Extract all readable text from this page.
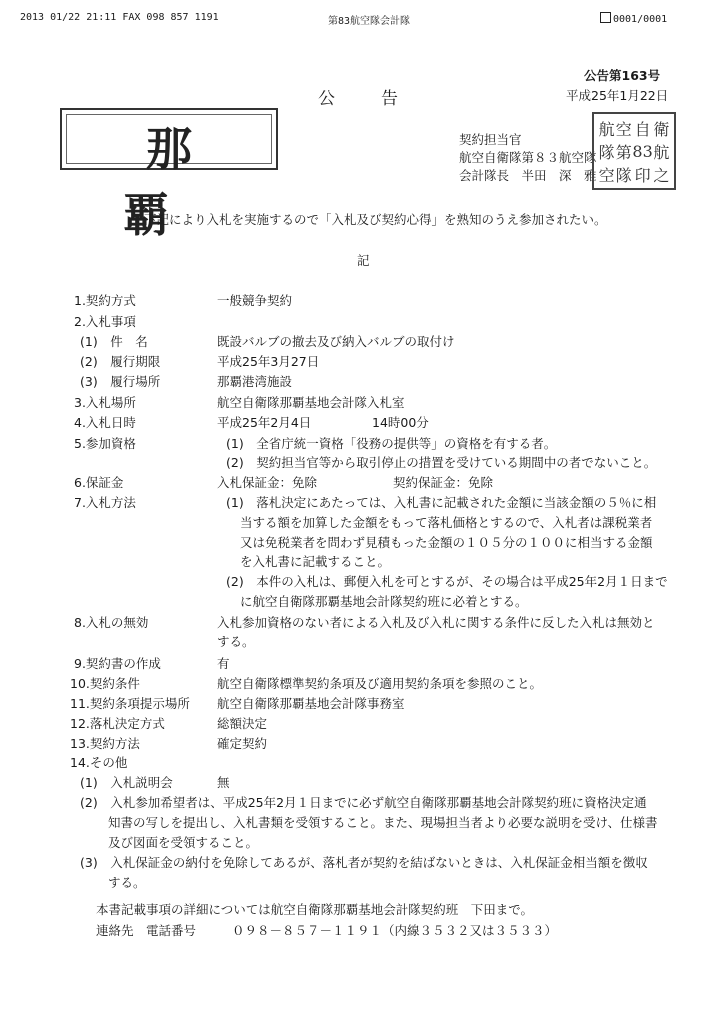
2013 01/22 21:11 FAX 098 857 1191	第83航空隊会計隊	0001/0001
公告第163号
公告	平成25年1月22日
那覇
契約担当官
航空自衛隊第８３航空隊
会計隊長　半田　深　雅
航 空 自 衛
隊 第 83 航
空 隊 印 之
下記により入札を実施するので「入札及び契約心得」を熟知のうえ参加されたい。
記
1.契約方式	一般競争契約
2.入札事項
(1)　件　名	既設バルブの撤去及び納入バルブの取付け
(2)　履行期限	平成25年3月27日
(3)　履行場所	那覇港湾施設
3.入札場所	航空自衛隊那覇基地会計隊入札室
4.入札日時	平成25年2月4日	14時00分
5.参加資格	(1)　全省庁統一資格「役務の提供等」の資格を有する者。
(2)　契約担当官等から取引停止の措置を受けている期間中の者でないこと。
6.保証金	入札保証金：免除	契約保証金：免除
7.入札方法	(1)　落札決定にあたっては、入札書に記載された金額に当該金額の５％に相
当する額を加算した金額をもって落札価格とするので、入札者は課税業者
又は免税業者を問わず見積もった金額の１０５分の１００に相当する金額
を入札書に記載すること。
(2)　本件の入札は、郵便入札を可とするが、その場合は平成25年2月１日まで
に航空自衛隊那覇基地会計隊契約班に必着とする。
8.入札の無効	入札参加資格のない者による入札及び入札に関する条件に反した入札は無効と
する。
9.契約書の作成	有
10.契約条件	航空自衛隊標準契約条項及び適用契約条項を参照のこと。
11.契約条項提示場所 航空自衛隊那覇基地会計隊事務室
12.落札決定方式	総額決定
13.契約方法	確定契約
14.その他
(1)　入札説明会	無
(2)　入札参加希望者は、平成25年2月１日までに必ず航空自衛隊那覇基地会計隊契約班に資格決定通
知書の写しを提出し、入札書類を受領すること。また、現場担当者より必要な説明を受け、仕様書
及び図面を受領すること。
(3)　入札保証金の納付を免除してあるが、落札者が契約を結ばないときは、入札保証金相当額を徴収
する。
本書記載事項の詳細については航空自衛隊那覇基地会計隊契約班　下田まで。
連絡先　電話番号	０９８－８５７－１１９１（内線３５３２又は３５３３）
